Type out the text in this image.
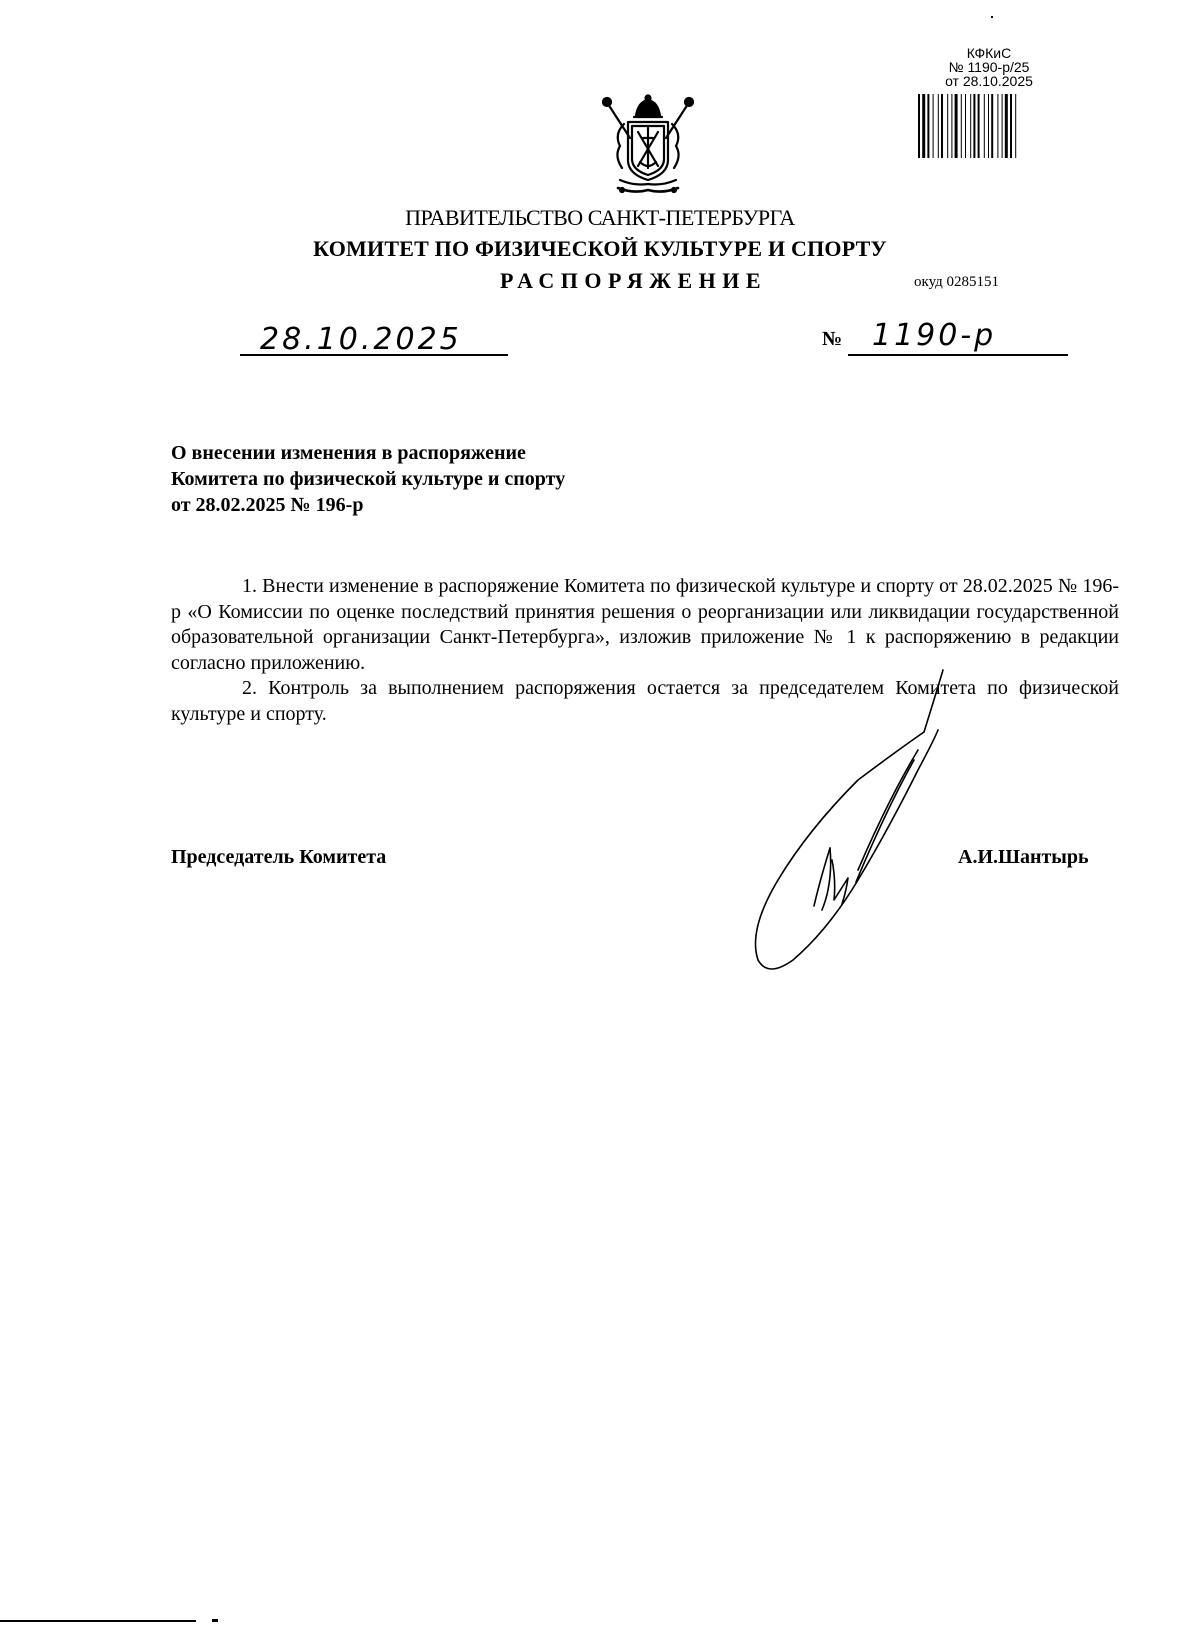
КФКиС
№ 1190-р/25
от 28.10.2025
ПРАВИТЕЛЬСТВО САНКТ-ПЕТЕРБУРГА
КОМИТЕТ ПО ФИЗИЧЕСКОЙ КУЛЬТУРЕ И СПОРТУ
РАСПОРЯЖЕНИЕ	окуд 0285151
28.10.2025	№ 1190-р
О внесении изменения в распоряжение
Комитета по физической культуре и спорту
от 28.02.2025 № 196-р

1. Внести изменение в распоряжение Комитета по физической культуре и спорту от 28.02.2025 № 196-р «О Комиссии по оценке последствий принятия решения о реорганизации или ликвидации государственной образовательной организации Санкт-Петербурга», изложив приложение № 1 к распоряжению в редакции согласно приложению.

2. Контроль за выполнением распоряжения остается за председателем Комитета по физической культуре и спорту.

Председатель Комитета	А.И.Шантырь
